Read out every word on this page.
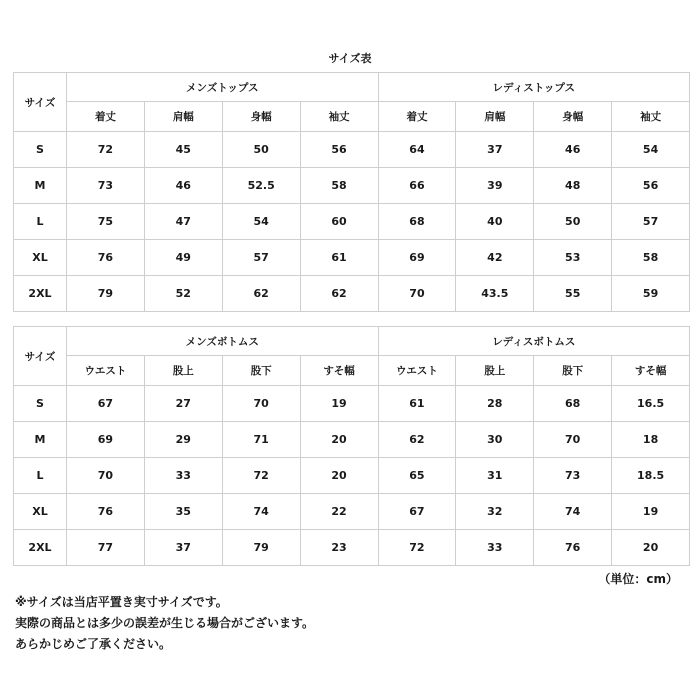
サイズ表
サイズ	メンズトップス				レディストップス			
	着丈	肩幅	身幅	袖丈	着丈	肩幅	身幅	袖丈
S	72	45	50	56	64	37	46	54
M	73	46	52.5	58	66	39	48	56
L	75	47	54	60	68	40	50	57
XL	76	49	57	61	69	42	53	58
2XL	79	52	62	62	70	43.5	55	59
サイズ	メンズボトムス				レディスボトムス			
	ウエスト	股上	股下	すそ幅	ウエスト	股上	股下	すそ幅
S	67	27	70	19	61	28	68	16.5
M	69	29	71	20	62	30	70	18
L	70	33	72	20	65	31	73	18.5
XL	76	35	74	22	67	32	74	19
2XL	77	37	79	23	72	33	76	20
（単位：cm）
※サイズは当店平置き実寸サイズです。
実際の商品とは多少の誤差が生じる場合がございます。
あらかじめご了承ください。
